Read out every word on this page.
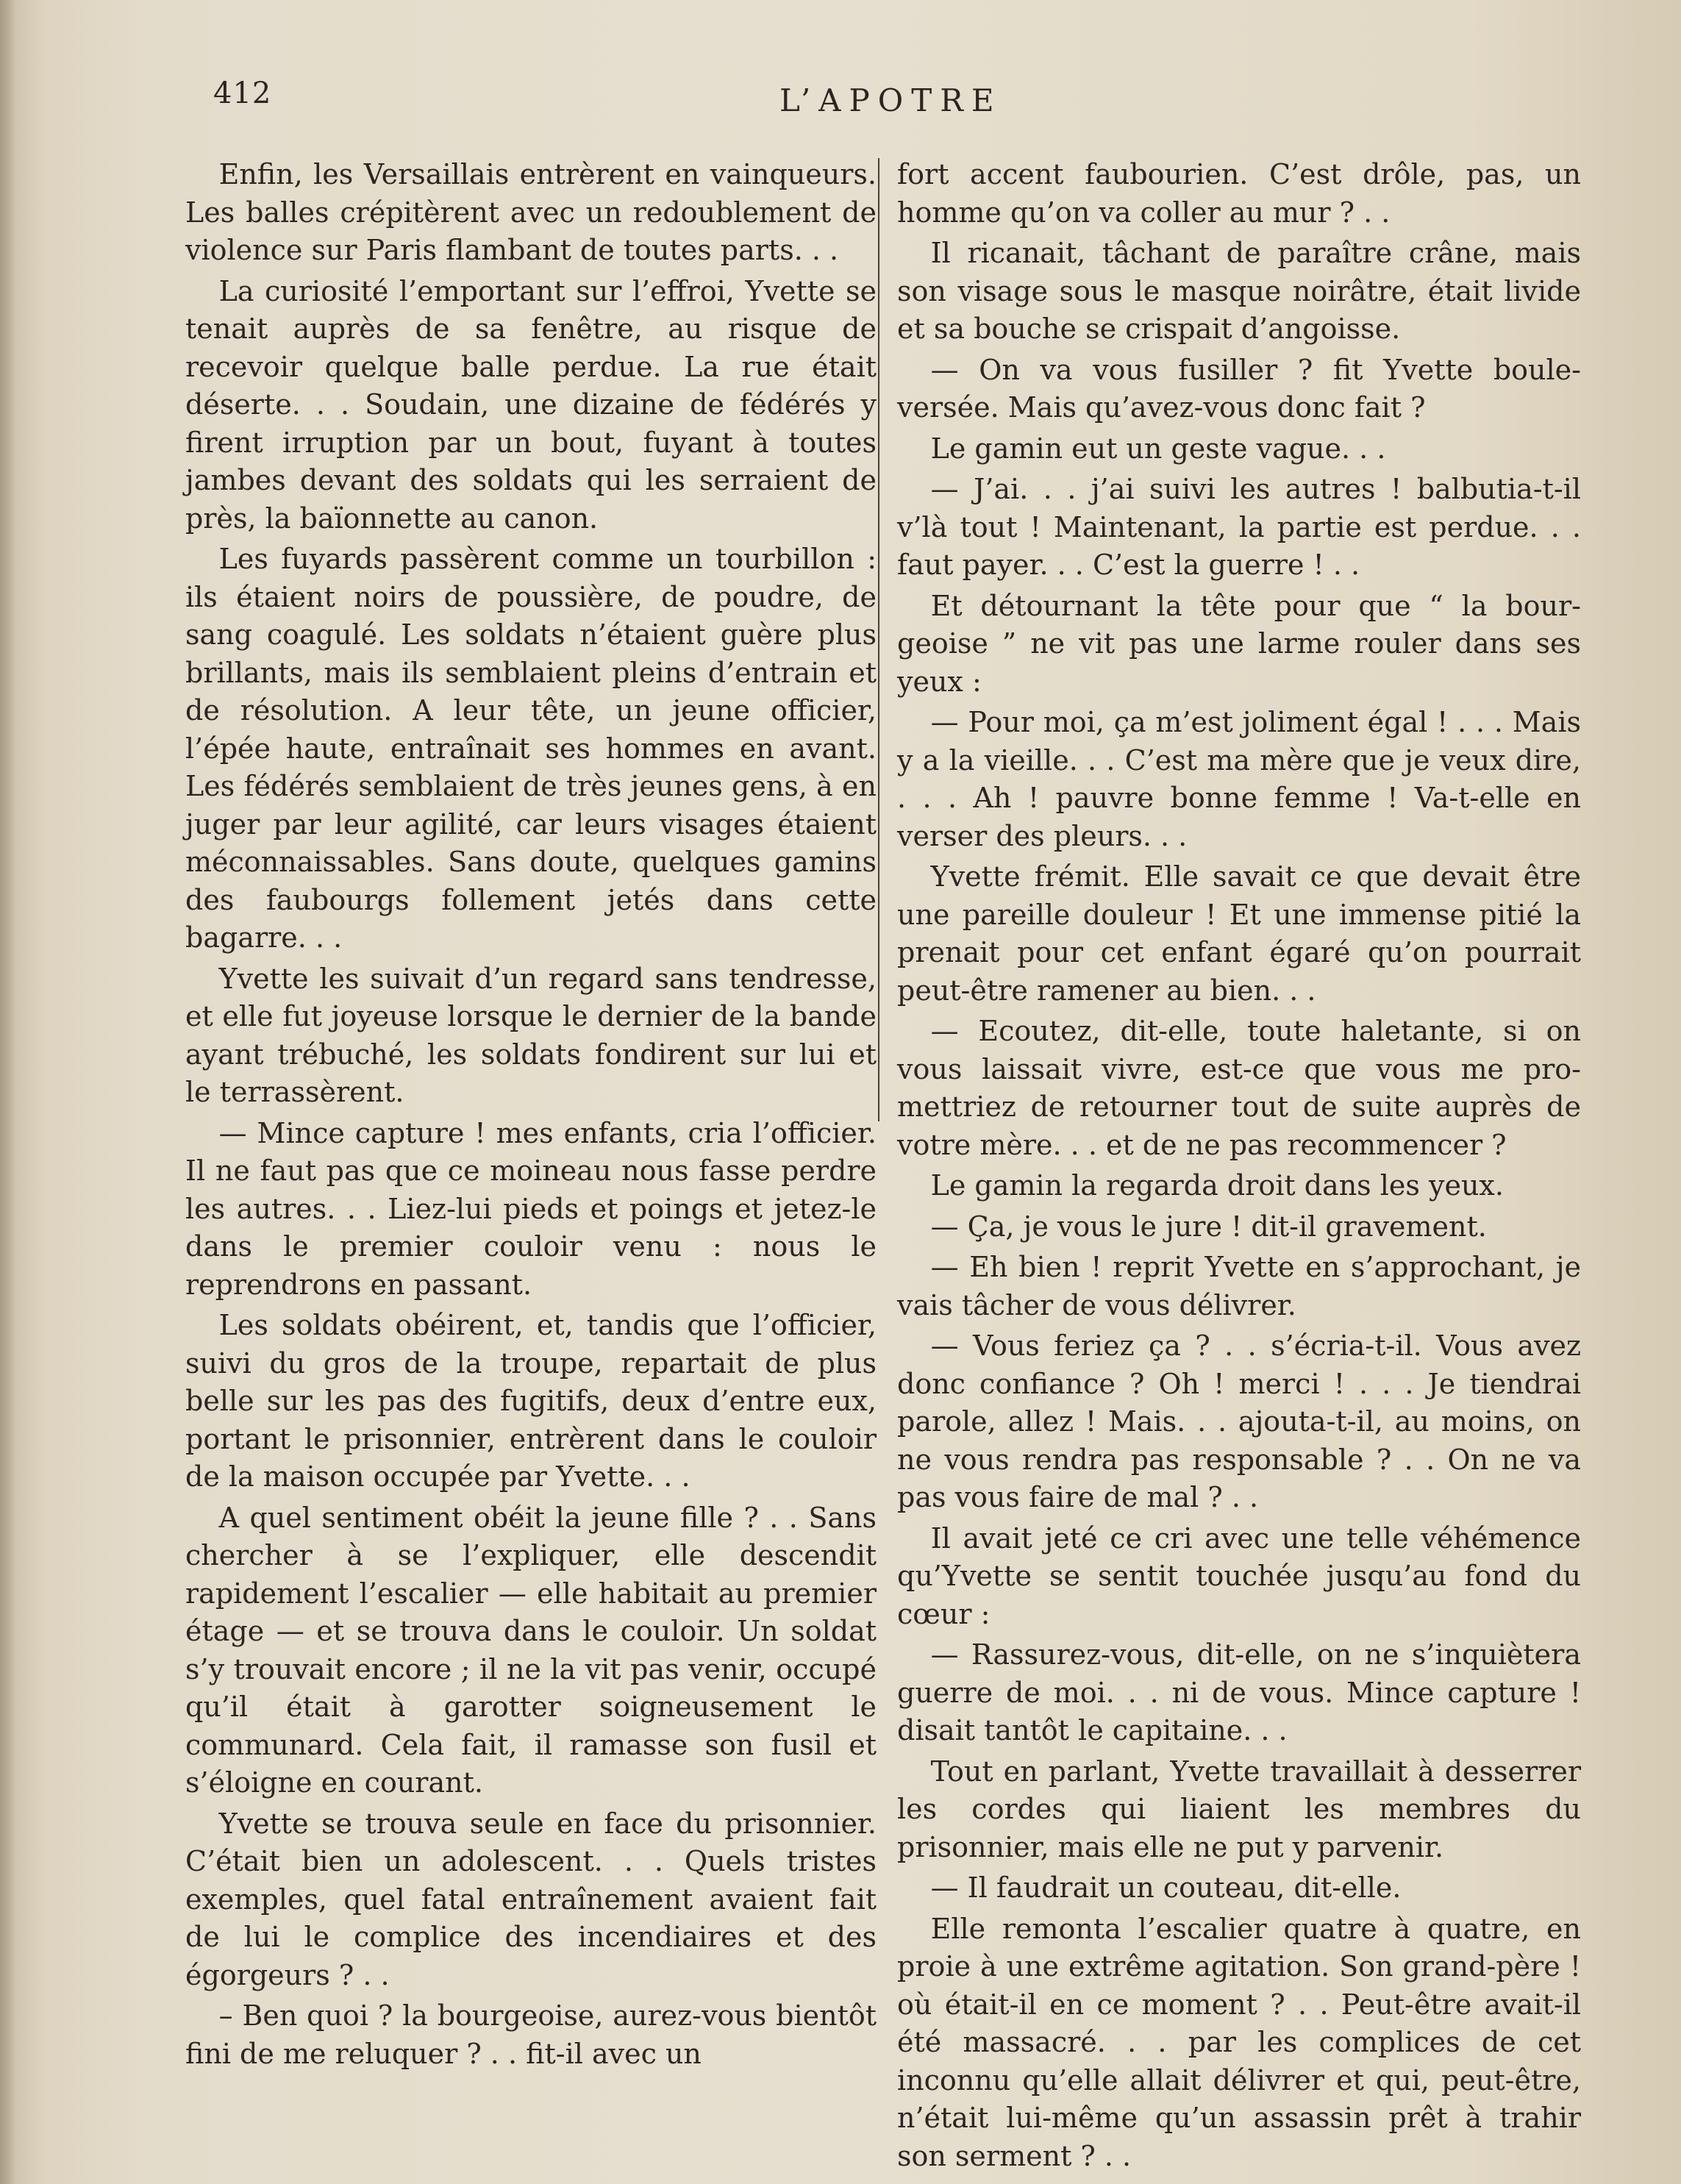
412	L’APOTRE

Enfin, les Versaillais entrèrent en vainqueurs. Les balles crépitèrent avec un redoublement de violence sur Paris flambant de toutes parts. . .

La curiosité l’emportant sur l’effroi, Yvette se tenait auprès de sa fenêtre, au risque de recevoir quelque balle perdue. La rue était déserte. . . Soudain, une dizaine de fédérés y firent irruption par un bout, fuyant à toutes jambes devant des soldats qui les serraient de près, la baïonnette au canon.

Les fuyards passèrent comme un tourbillon : ils étaient noirs de poussière, de poudre, de sang coagulé. Les soldats n’étaient guère plus brillants, mais ils semblaient pleins d’entrain et de résolution. A leur tête, un jeune officier, l’épée haute, entraînait ses hommes en avant. Les fédérés semblaient de très jeunes gens, à en juger par leur agilité, car leurs visages étaient méconnaissables. Sans doute, quelques gamins des faubourgs follement jetés dans cette bagarre. . .

Yvette les suivait d’un regard sans tendresse, et elle fut joyeuse lorsque le dernier de la bande ayant trébuché, les soldats fondirent sur lui et le terrassèrent.

— Mince capture ! mes enfants, cria l’officier. Il ne faut pas que ce moineau nous fasse perdre les autres. . . Liez-lui pieds et poings et jetez-le dans le premier couloir venu : nous le reprendrons en passant.

Les soldats obéirent, et, tandis que l’officier, suivi du gros de la troupe, repartait de plus belle sur les pas des fugitifs, deux d’entre eux, portant le prisonnier, entrèrent dans le couloir de la maison occupée par Yvette. . .

A quel sentiment obéit la jeune fille ? . . Sans chercher à se l’expliquer, elle descendit rapidement l’escalier — elle habitait au premier étage — et se trouva dans le couloir. Un soldat s’y trouvait encore ; il ne la vit pas venir, occupé qu’il était à garotter soigneusement le communard. Cela fait, il ramasse son fusil et s’éloigne en courant.

Yvette se trouva seule en face du prisonnier. C’était bien un adolescent. . . Quels tristes exemples, quel fatal entraînement avaient fait de lui le complice des incendiaires et des égorgeurs ? . .

– Ben quoi ? la bourgeoise, aurez-vous bientôt fini de me reluquer ? . . fit-il avec un

fort accent faubourien. C’est drôle, pas, un homme qu’on va coller au mur ? . .

Il ricanait, tâchant de paraître crâne, mais son visage sous le masque noirâtre, était livide et sa bouche se crispait d’angoisse.

— On va vous fusiller ? fit Yvette bouleversée. Mais qu’avez-vous donc fait ?

Le gamin eut un geste vague. . .

— J’ai. . . j’ai suivi les autres ! balbutia-t-il v’là tout ! Maintenant, la partie est perdue. . . faut payer. . . C’est la guerre ! . .

Et détournant la tête pour que “ la bourgeoise ” ne vit pas une larme rouler dans ses yeux :

— Pour moi, ça m’est joliment égal ! . . . Mais y a la vieille. . . C’est ma mère que je veux dire, . . . Ah ! pauvre bonne femme ! Va-t-elle en verser des pleurs. . .

Yvette frémit. Elle savait ce que devait être une pareille douleur ! Et une immense pitié la prenait pour cet enfant égaré qu’on pourrait peut-être ramener au bien. . .

— Ecoutez, dit-elle, toute haletante, si on vous laissait vivre, est-ce que vous me promettriez de retourner tout de suite auprès de votre mère. . . et de ne pas recommencer ?

Le gamin la regarda droit dans les yeux.

— Ça, je vous le jure ! dit-il gravement.

— Eh bien ! reprit Yvette en s’approchant, je vais tâcher de vous délivrer.

— Vous feriez ça ? . . s’écria-t-il. Vous avez donc confiance ? Oh ! merci ! . . . Je tiendrai parole, allez ! Mais. . . ajouta-t-il, au moins, on ne vous rendra pas responsable ? . . On ne va pas vous faire de mal ? . .

Il avait jeté ce cri avec une telle véhémence qu’Yvette se sentit touchée jusqu’au fond du cœur :

— Rassurez-vous, dit-elle, on ne s’inquiètera guerre de moi. . . ni de vous. Mince capture ! disait tantôt le capitaine. . .

Tout en parlant, Yvette travaillait à desserrer les cordes qui liaient les membres du prisonnier, mais elle ne put y parvenir.

— Il faudrait un couteau, dit-elle.

Elle remonta l’escalier quatre à quatre, en proie à une extrême agitation. Son grand-père ! où était-il en ce moment ? . . Peut-être avait-il été massacré. . . par les complices de cet inconnu qu’elle allait délivrer et qui, peut-être, n’était lui-même qu’un assassin prêt à trahir son serment ? . .
